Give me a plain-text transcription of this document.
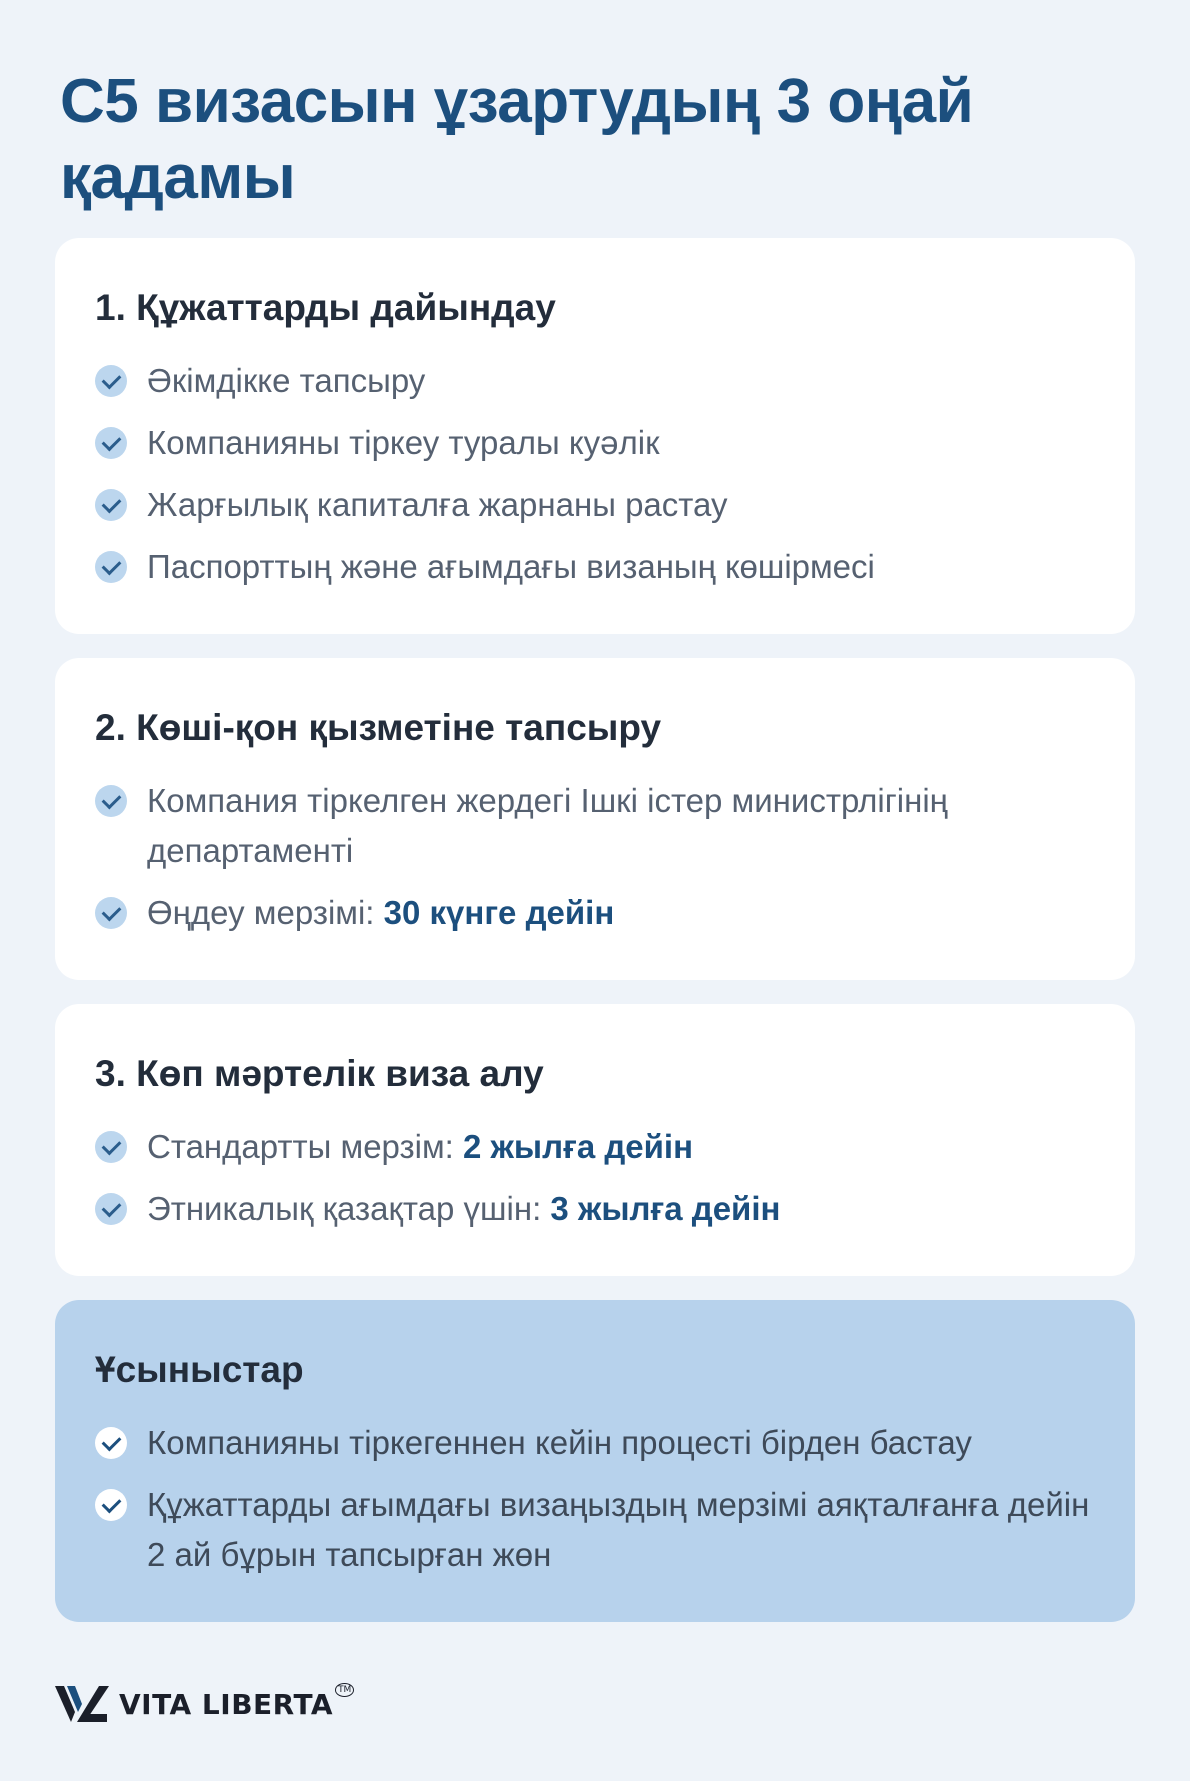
C5 визасын ұзартудың 3 оңай қадамы
1. Құжаттарды дайындау
Әкімдікке тапсыру
Компанияны тіркеу туралы куәлік
Жарғылық капиталға жарнаны растау
Паспорттың және ағымдағы визаның көшірмесі
2. Көші-қон қызметіне тапсыру
Компания тіркелген жердегі Ішкі істер министрлігінің департаменті
Өңдеу мерзімі: 30 күнге дейін
3. Көп мәртелік виза алу
Стандартты мерзім: 2 жылға дейін
Этникалық қазақтар үшін: 3 жылға дейін
Ұсыныстар
Компанияны тіркегеннен кейін процесті бірден бастау
Құжаттарды ағымдағы визаңыздың мерзімі аяқталғанға дейін 2 ай бұрын тапсырған жөн
VITA LIBERTA TM
